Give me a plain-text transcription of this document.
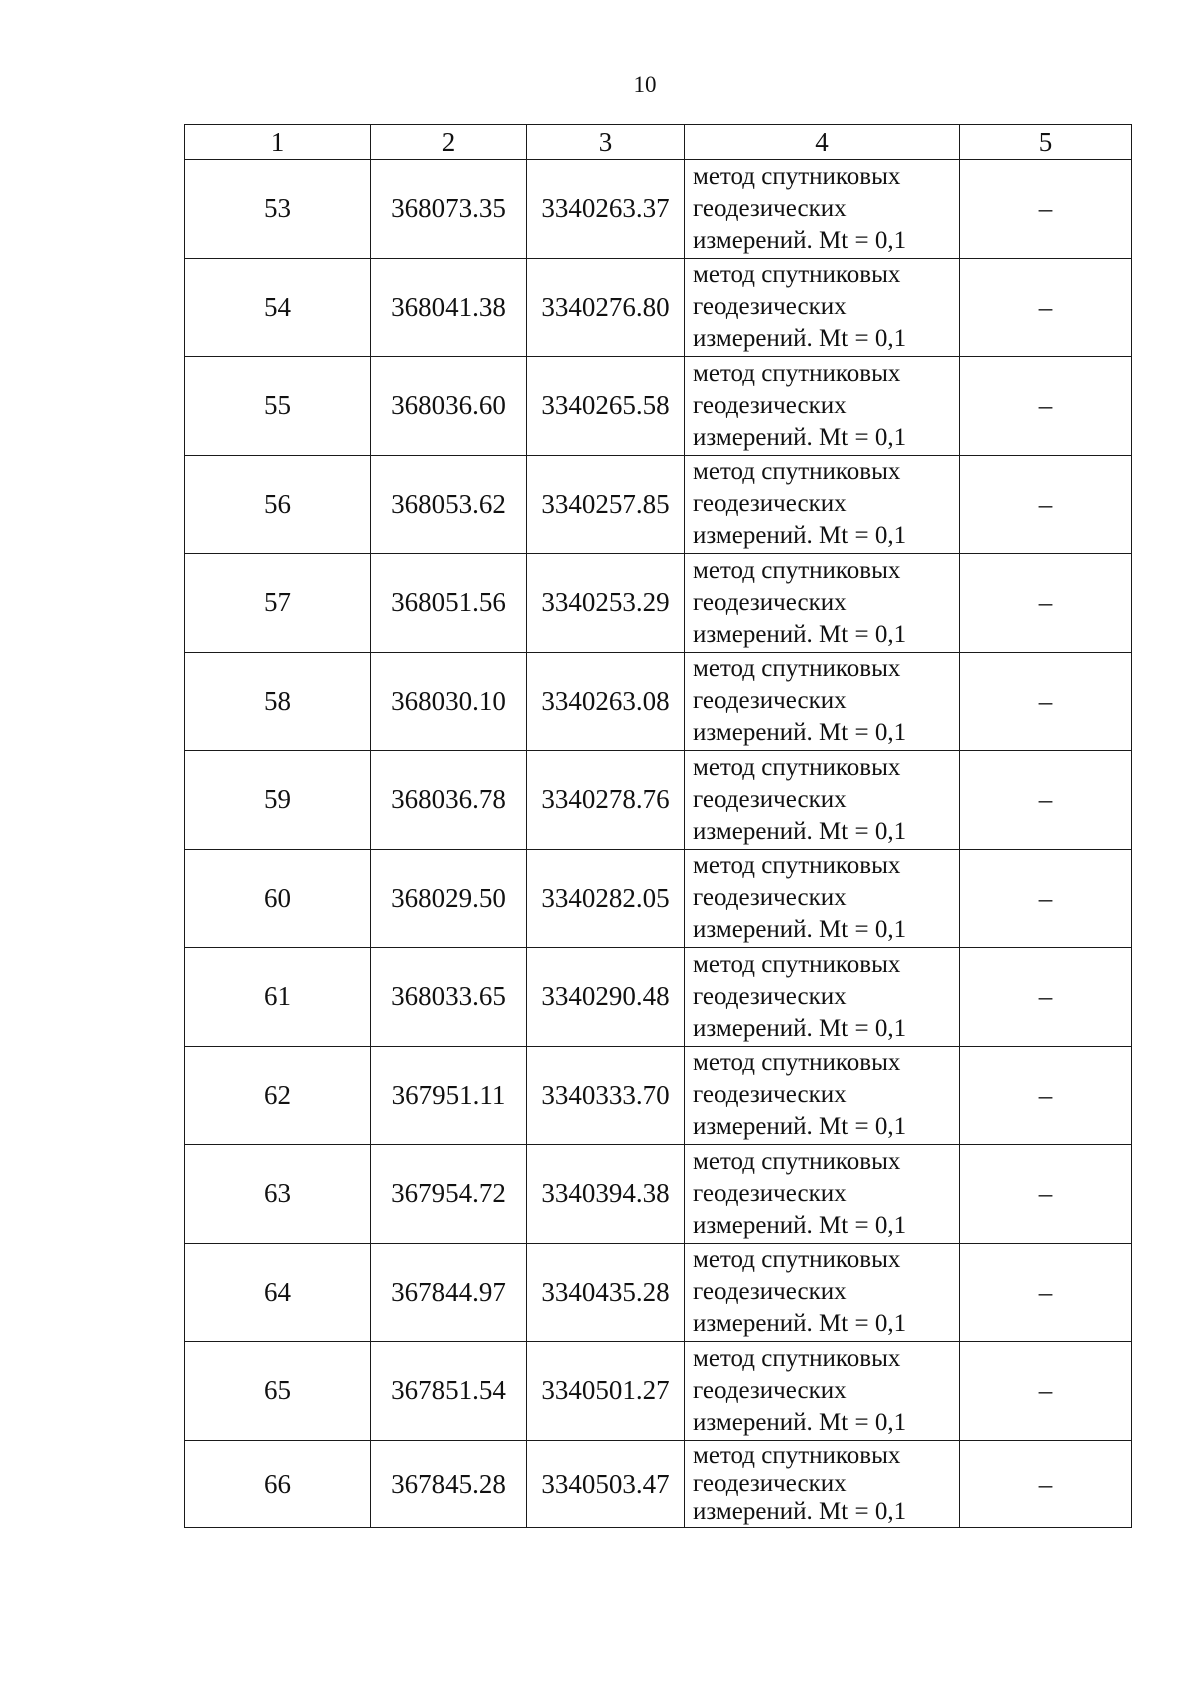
10
1	2	3	4	5
53	368073.35	3340263.37	метод спутниковых
геодезических
измерений. Mt = 0,1	–
54	368041.38	3340276.80	метод спутниковых
геодезических
измерений. Mt = 0,1	–
55	368036.60	3340265.58	метод спутниковых
геодезических
измерений. Mt = 0,1	–
56	368053.62	3340257.85	метод спутниковых
геодезических
измерений. Mt = 0,1	–
57	368051.56	3340253.29	метод спутниковых
геодезических
измерений. Mt = 0,1	–
58	368030.10	3340263.08	метод спутниковых
геодезических
измерений. Mt = 0,1	–
59	368036.78	3340278.76	метод спутниковых
геодезических
измерений. Mt = 0,1	–
60	368029.50	3340282.05	метод спутниковых
геодезических
измерений. Mt = 0,1	–
61	368033.65	3340290.48	метод спутниковых
геодезических
измерений. Mt = 0,1	–
62	367951.11	3340333.70	метод спутниковых
геодезических
измерений. Mt = 0,1	–
63	367954.72	3340394.38	метод спутниковых
геодезических
измерений. Mt = 0,1	–
64	367844.97	3340435.28	метод спутниковых
геодезических
измерений. Mt = 0,1	–
65	367851.54	3340501.27	метод спутниковых
геодезических
измерений. Mt = 0,1	–
66	367845.28	3340503.47	метод спутниковых
геодезических
измерений. Mt = 0,1	–
